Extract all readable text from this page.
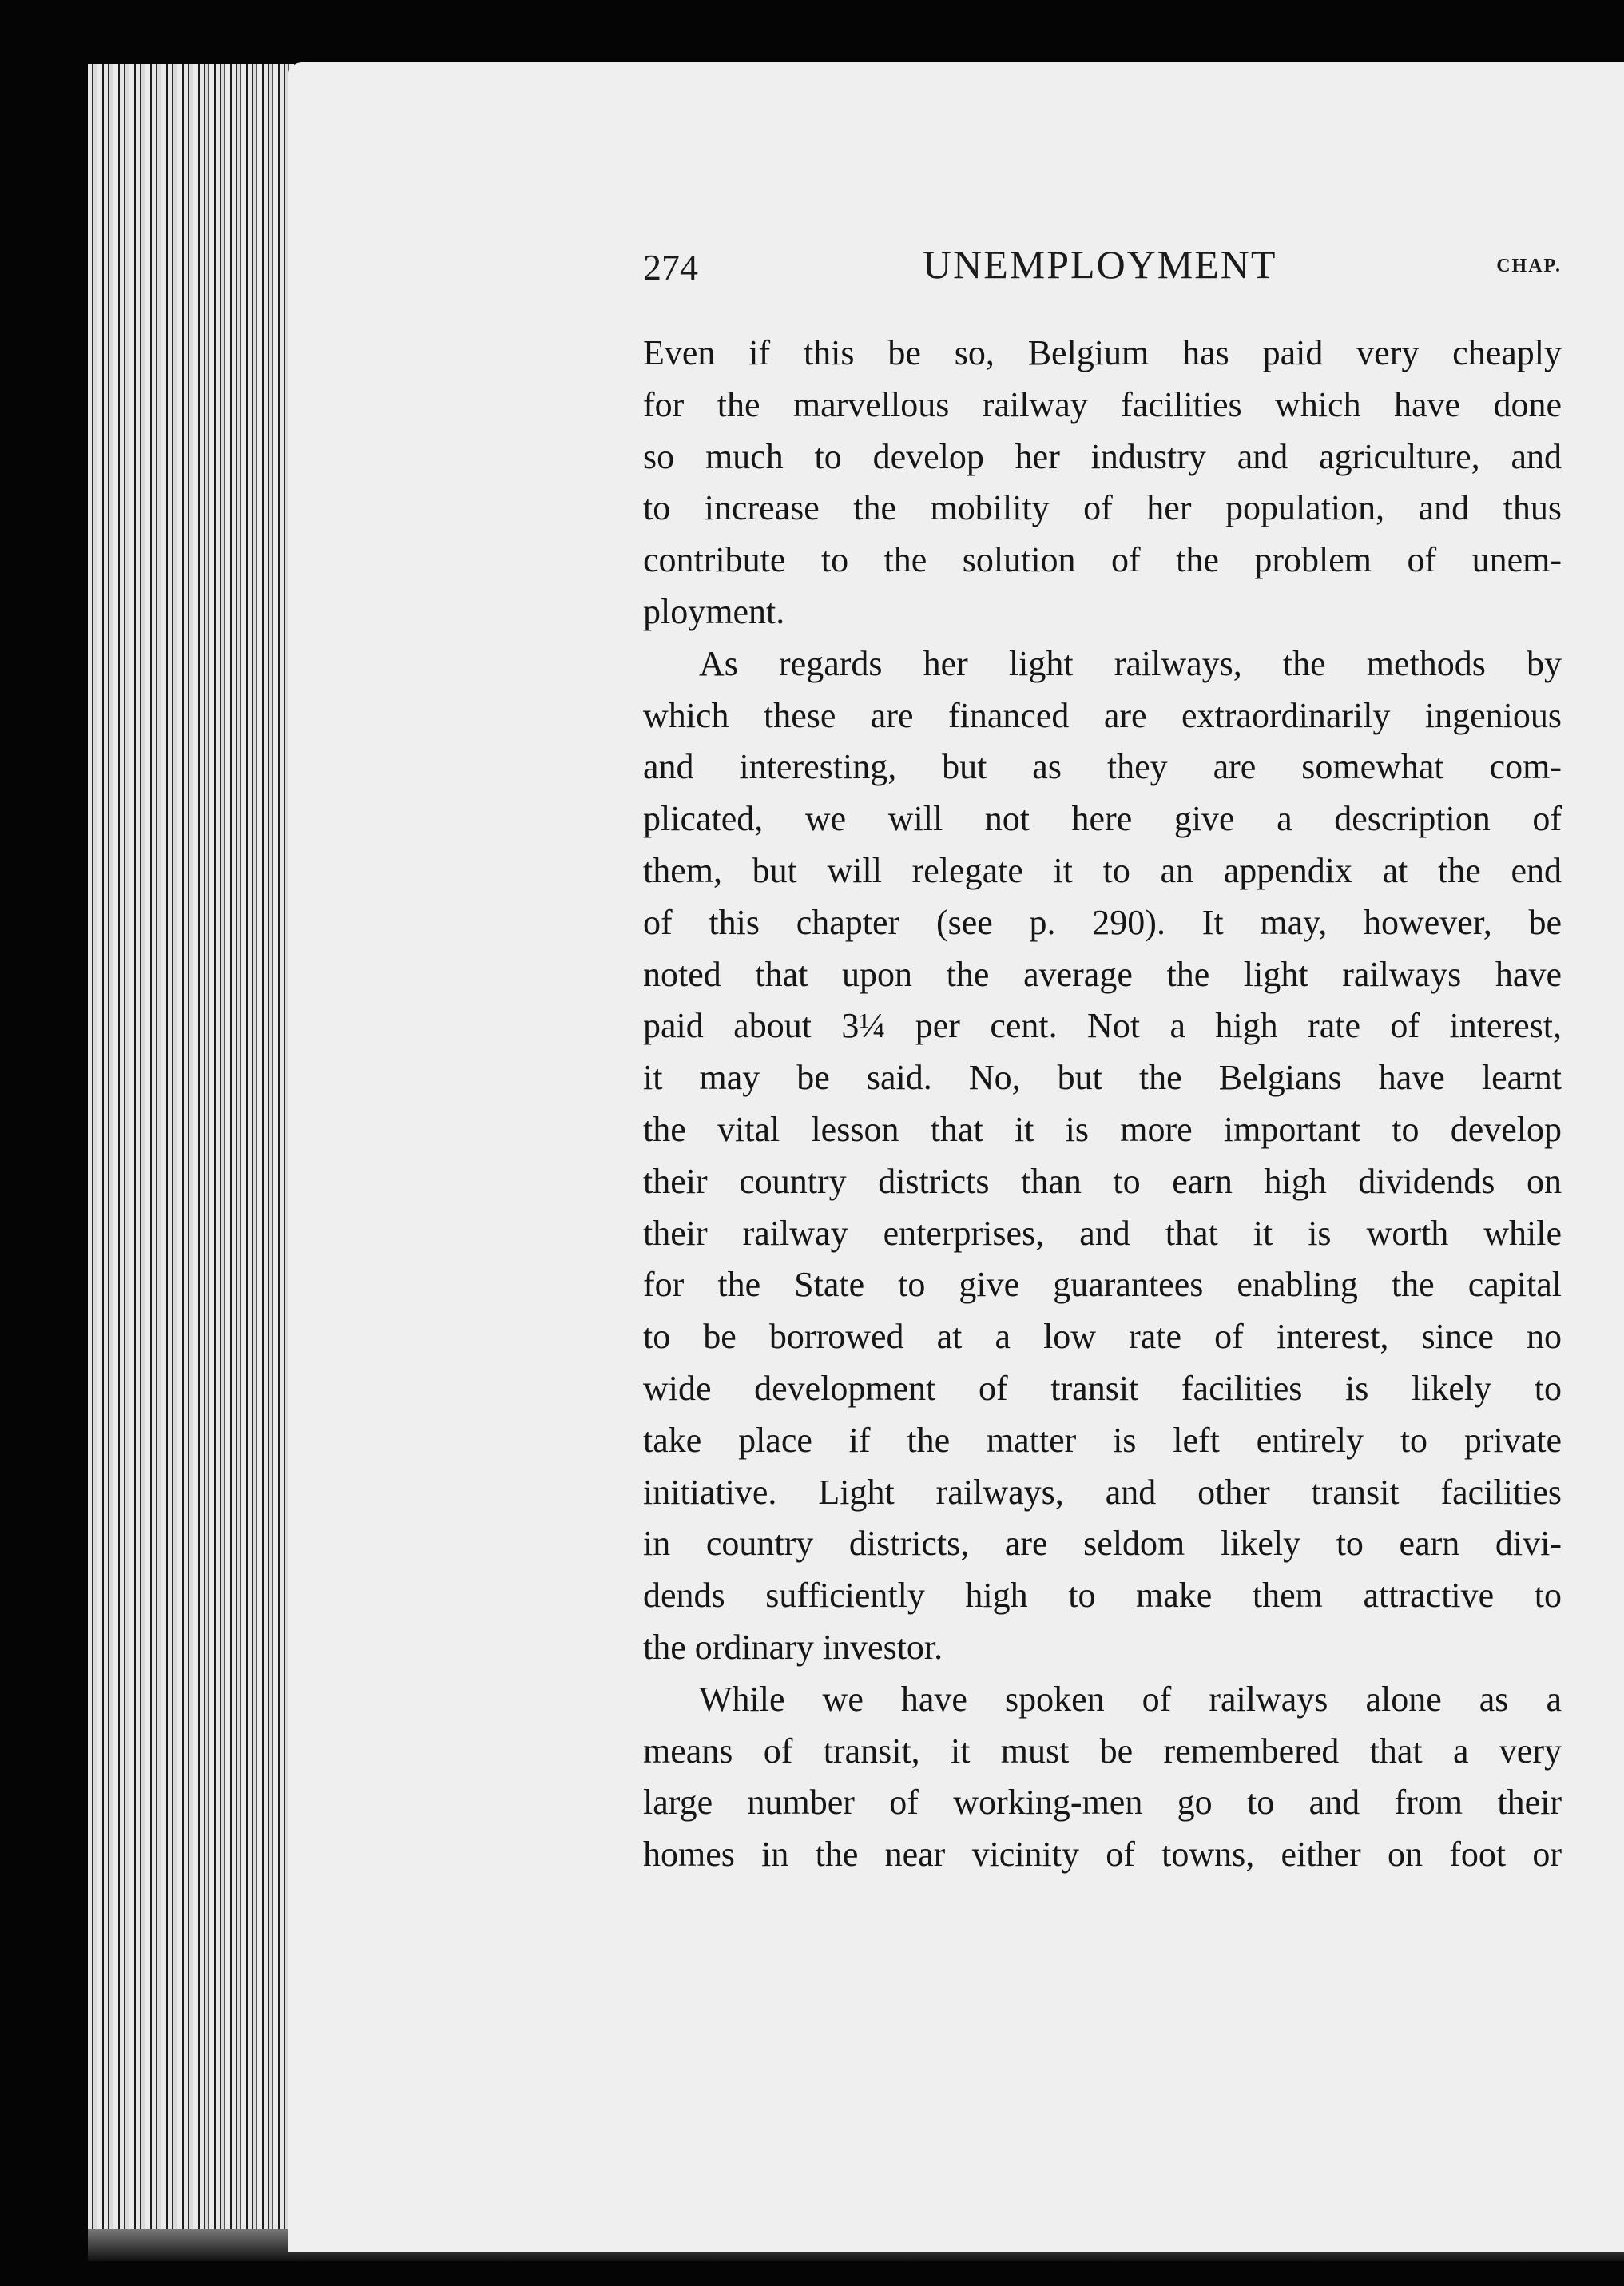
274	UNEMPLOYMENT	CHAP.
Even if this be so, Belgium has paid very cheaply
for the marvellous railway facilities which have done
so much to develop her industry and agriculture, and
to increase the mobility of her population, and thus
contribute to the solution of the problem of unem-
ployment.
As regards her light railways, the methods by
which these are financed are extraordinarily ingenious
and interesting, but as they are somewhat com-
plicated, we will not here give a description of
them, but will relegate it to an appendix at the end
of this chapter (see p. 290). It may, however, be
noted that upon the average the light railways have
paid about 3¼ per cent. Not a high rate of interest,
it may be said. No, but the Belgians have learnt
the vital lesson that it is more important to develop
their country districts than to earn high dividends on
their railway enterprises, and that it is worth while
for the State to give guarantees enabling the capital
to be borrowed at a low rate of interest, since no
wide development of transit facilities is likely to
take place if the matter is left entirely to private
initiative. Light railways, and other transit facilities
in country districts, are seldom likely to earn divi-
dends sufficiently high to make them attractive to
the ordinary investor.
While we have spoken of railways alone as a
means of transit, it must be remembered that a very
large number of working-men go to and from their
homes in the near vicinity of towns, either on foot or
